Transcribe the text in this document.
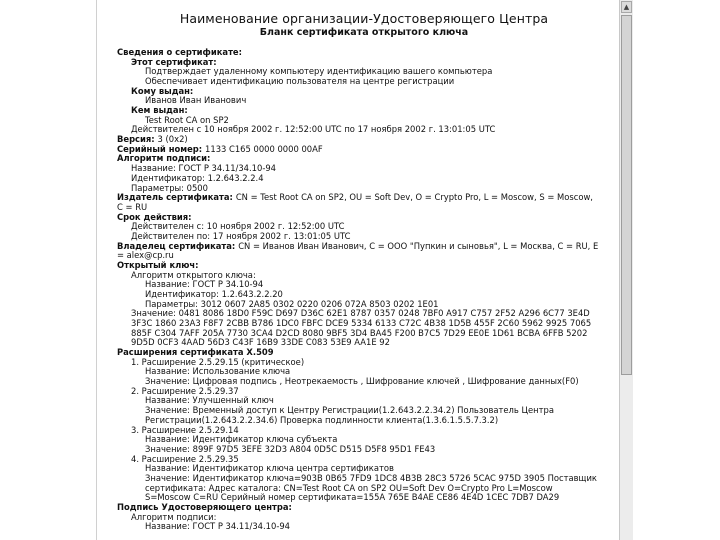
Наименование организации-Удостоверяющего Центра
Бланк сертификата открытого ключа
Сведения о сертификате:
Этот сертификат:
Подтверждает удаленному компьютеру идентификацию вашего компьютера
Обеспечивает идентификацию пользователя на центре регистрации
Кому выдан:
Иванов Иван Иванович
Кем выдан:
Test Root CA on SP2
Действителен с 10 ноября 2002 г. 12:52:00 UTC по 17 ноября 2002 г. 13:01:05 UTC
Версия: 3 (0x2)
Серийный номер: 1133 C165 0000 0000 00AF
Алгоритм подписи:
Название: ГОСТ Р 34.11/34.10-94
Идентификатор: 1.2.643.2.2.4
Параметры: 0500
Издатель сертификата: CN = Test Root CA on SP2, OU = Soft Dev, O = Crypto Pro, L = Moscow, S = Moscow,
C = RU
Срок действия:
Действителен с: 10 ноября 2002 г. 12:52:00 UTC
Действителен по: 17 ноября 2002 г. 13:01:05 UTC
Владелец сертификата: CN = Иванов Иван Иванович, C = ООО "Пупкин и сыновья", L = Москва, C = RU, E
= alex@cp.ru
Открытый ключ:
Алгоритм открытого ключа:
Название: ГОСТ Р 34.10-94
Идентификатор: 1.2.643.2.2.20
Параметры: 3012 0607 2A85 0302 0220 0206 072A 8503 0202 1E01
Значение: 0481 8086 18D0 F59C D697 D36C 62E1 8787 0357 0248 7BF0 A917 C757 2F52 A296 6C77 3E4D
3F3C 1860 23A3 F8F7 2CBB B786 1DC0 FBFC DCE9 5334 6133 C72C 4B38 1D5B 455F 2C60 5962 9925 7065
885F C304 7AFF 205A 7730 3CA4 D2CD 8080 9BF5 3D4 BA45 F200 B7C5 7D29 EE0E 1D61 BCBA 6FFB 5202
9D5D 0CF3 4AAD 56D3 C43F 16B9 33DE C083 53E9 AA1E 92
Расширения сертификата X.509
1. Расширение 2.5.29.15 (критическое)
Название: Использование ключа
Значение: Цифровая подпись , Неотрекаемость , Шифрование ключей , Шифрование данных(F0)
2. Расширение 2.5.29.37
Название: Улучшенный ключ
Значение: Временный доступ к Центру Регистрации(1.2.643.2.2.34.2) Пользователь Центра
Регистрации(1.2.643.2.2.34.6) Проверка подлинности клиента(1.3.6.1.5.5.7.3.2)
3. Расширение 2.5.29.14
Название: Идентификатор ключа субъекта
Значение: 899F 97D5 3EFE 32D3 A804 0D5C D515 D5F8 95D1 FE43
4. Расширение 2.5.29.35
Название: Идентификатор ключа центра сертификатов
Значение: Идентификатор ключа=903B 0B65 7FD9 1DC8 4B3B 28C3 5726 5CAC 975D 3905 Поставщик
сертификата: Адрес каталога: CN=Test Root CA on SP2 OU=Soft Dev O=Crypto Pro L=Moscow
S=Moscow C=RU Серийный номер сертификата=155A 765E B4AE CE86 4E4D 1CEC 7DB7 DA29
Подпись Удостоверяющего центра:
Алгоритм подписи:
Название: ГОСТ Р 34.11/34.10-94
▲
